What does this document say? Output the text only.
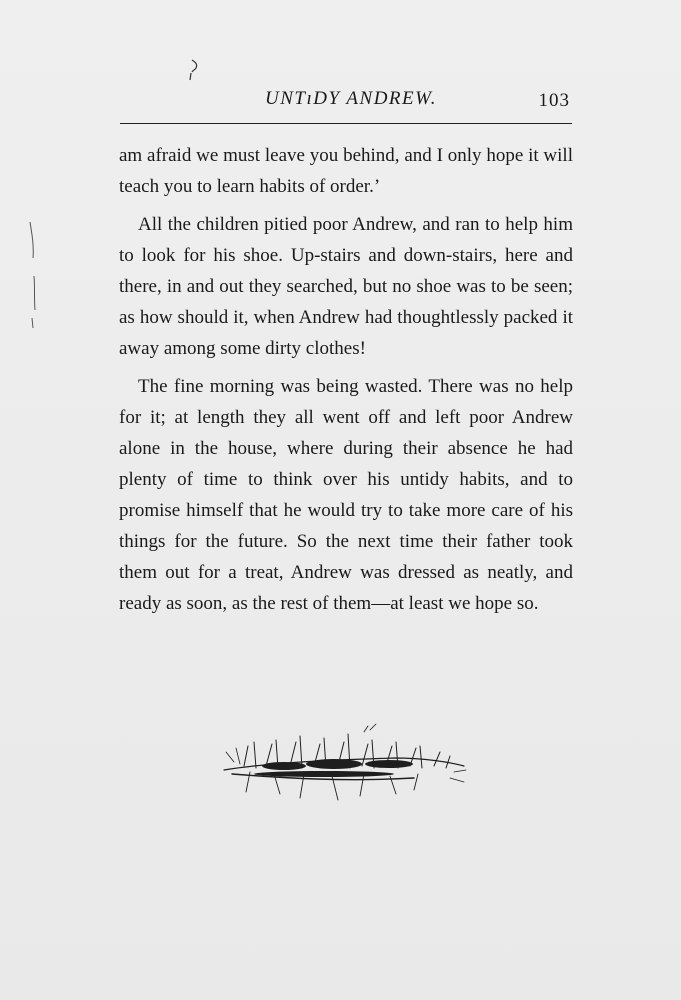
UNTıDY ANDREW.	103

am afraid we must leave you behind, and I only hope it will teach you to learn habits of order.’

All the children pitied poor Andrew, and ran to help him to look for his shoe. Up-stairs and down-stairs, here and there, in and out they searched, but no shoe was to be seen; as how should it, when Andrew had thoughtlessly packed it away among some dirty clothes!

The fine morning was being wasted. There was no help for it; at length they all went off and left poor Andrew alone in the house, where during their absence he had plenty of time to think over his untidy habits, and to promise himself that he would try to take more care of his things for the future. So the next time their father took them out for a treat, Andrew was dressed as neatly, and ready as soon, as the rest of them—at least we hope so.
